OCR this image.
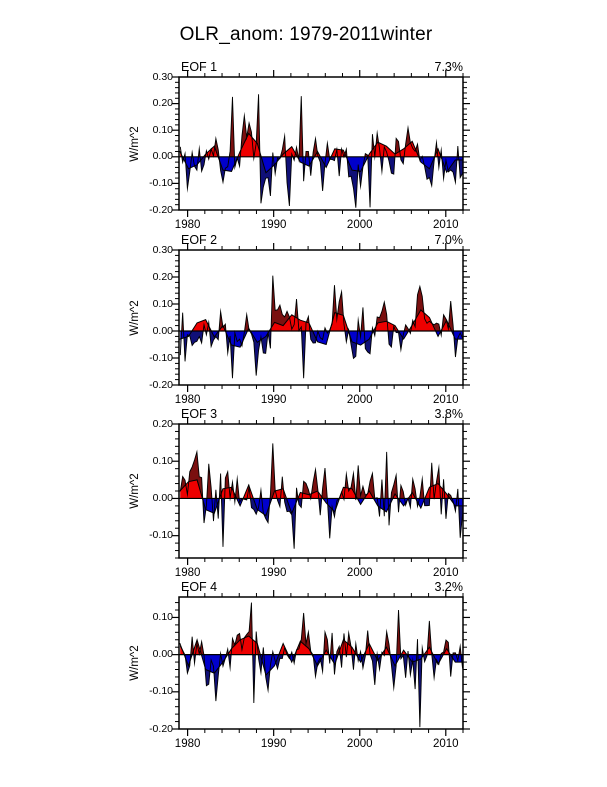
OLR_anom: 1979-2011winter
EOF 1	7.3%
W/m^2
-0.20
-0.10
0.00
0.10
0.20
0.30
1980	1990	2000	2010
EOF 2	7.0%
W/m^2
-0.20
-0.10
0.00
0.10
0.20
0.30
1980	1990	2000	2010
EOF 3	3.8%
W/m^2
-0.10
0.00
0.10
0.20
1980	1990	2000	2010
EOF 4	3.2%
W/m^2
-0.20
-0.10
0.00
0.10
1980	1990	2000	2010
